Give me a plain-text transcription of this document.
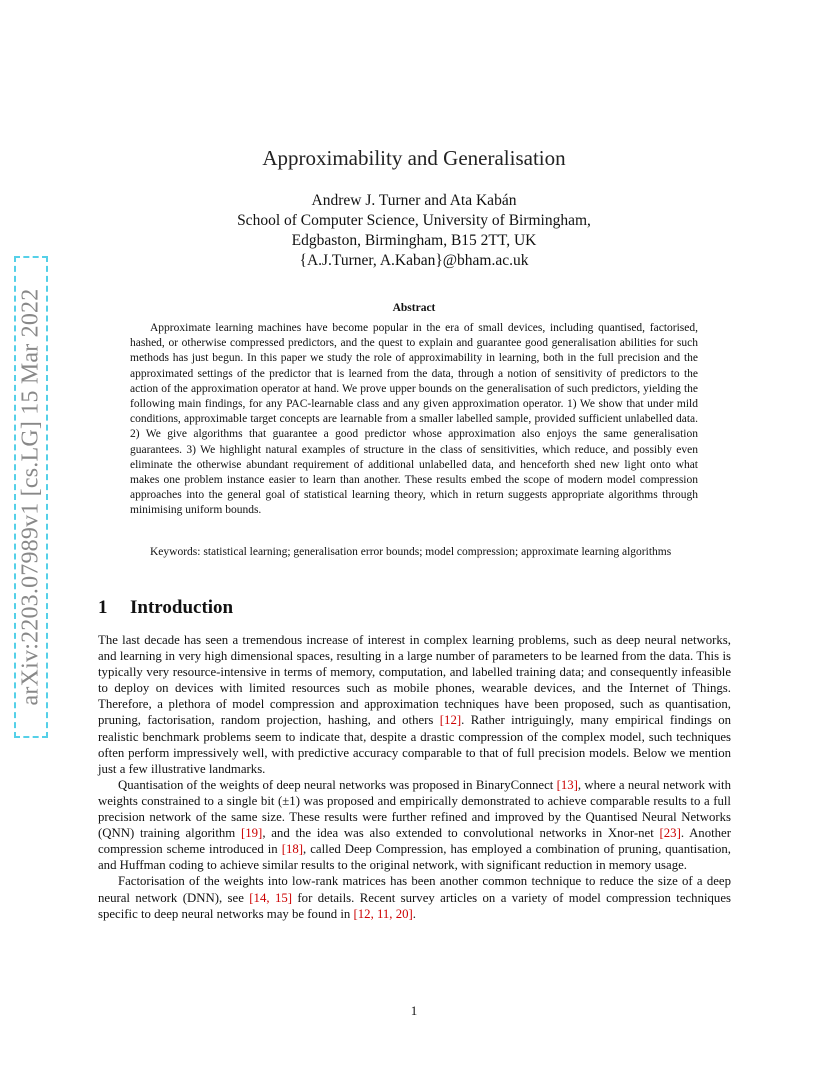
arXiv:2203.07989v1 [cs.LG] 15 Mar 2022
Approximability and Generalisation
Andrew J. Turner and Ata Kabán
School of Computer Science, University of Birmingham,
Edgbaston, Birmingham, B15 2TT, UK
{A.J.Turner, A.Kaban}@bham.ac.uk
Abstract

Approximate learning machines have become popular in the era of small devices, including quantised, factorised, hashed, or otherwise compressed predictors, and the quest to explain and guarantee good generalisation abilities for such methods has just begun. In this paper we study the role of approximability in learning, both in the full precision and the approximated settings of the predictor that is learned from the data, through a notion of sensitivity of predictors to the action of the approximation operator at hand. We prove upper bounds on the generalisation of such predictors, yielding the following main findings, for any PAC-learnable class and any given approximation operator. 1) We show that under mild conditions, approximable target concepts are learnable from a smaller labelled sample, provided sufficient unlabelled data. 2) We give algorithms that guarantee a good predictor whose approximation also enjoys the same generalisation guarantees. 3) We highlight natural examples of structure in the class of sensitivities, which reduce, and possibly even eliminate the otherwise abundant requirement of additional unlabelled data, and henceforth shed new light onto what makes one problem instance easier to learn than another. These results embed the scope of modern model compression approaches into the general goal of statistical learning theory, which in return suggests appropriate algorithms through minimising uniform bounds.

Keywords: statistical learning; generalisation error bounds; model compression; approximate learning algorithms

1 Introduction

The last decade has seen a tremendous increase of interest in complex learning problems, such as deep neural networks, and learning in very high dimensional spaces, resulting in a large number of parameters to be learned from the data. This is typically very resource-intensive in terms of memory, computation, and labelled training data; and consequently infeasible to deploy on devices with limited resources such as mobile phones, wearable devices, and the Internet of Things. Therefore, a plethora of model compression and approximation techniques have been proposed, such as quantisation, pruning, factorisation, random projection, hashing, and others [12]. Rather intriguingly, many empirical findings on realistic benchmark problems seem to indicate that, despite a drastic compression of the complex model, such techniques often perform impressively well, with predictive accuracy comparable to that of full precision models. Below we mention just a few illustrative landmarks.

Quantisation of the weights of deep neural networks was proposed in BinaryConnect [13], where a neural network with weights constrained to a single bit (±1) was proposed and empirically demonstrated to achieve comparable results to a full precision network of the same size. These results were further refined and improved by the Quantised Neural Networks (QNN) training algorithm [19], and the idea was also extended to convolutional networks in Xnor-net [23]. Another compression scheme introduced in [18], called Deep Compression, has employed a combination of pruning, quantisation, and Huffman coding to achieve similar results to the original network, with significant reduction in memory usage.

Factorisation of the weights into low-rank matrices has been another common technique to reduce the size of a deep neural network (DNN), see [14, 15] for details. Recent survey articles on a variety of model compression techniques specific to deep neural networks may be found in [12, 11, 20].

1
